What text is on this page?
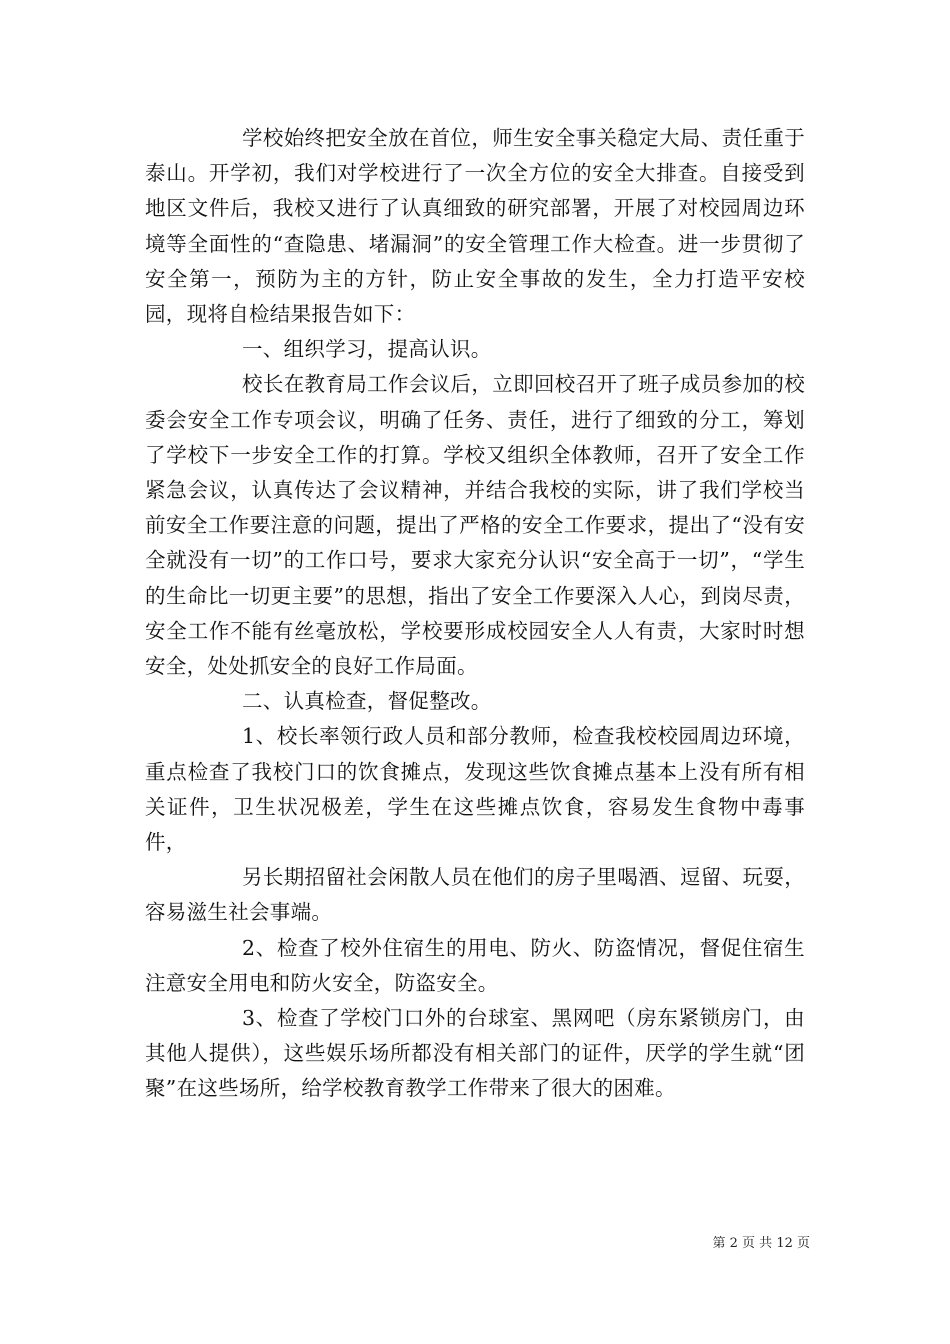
学校始终把安全放在首位，师生安全事关稳定大局、责任重于泰山。开学初，我们对学校进行了一次全方位的安全大排查。自接受到地区文件后，我校又进行了认真细致的研究部署，开展了对校园周边环境等全面性的“查隐患、堵漏洞”的安全管理工作大检查。进一步贯彻了安全第一，预防为主的方针，防止安全事故的发生，全力打造平安校园，现将自检结果报告如下：

一、组织学习，提高认识。

校长在教育局工作会议后，立即回校召开了班子成员参加的校委会安全工作专项会议，明确了任务、责任，进行了细致的分工，筹划了学校下一步安全工作的打算。学校又组织全体教师，召开了安全工作紧急会议，认真传达了会议精神，并结合我校的实际，讲了我们学校当前安全工作要注意的问题，提出了严格的安全工作要求，提出了“没有安全就没有一切”的工作口号，要求大家充分认识“安全高于一切”，“学生的生命比一切更主要”的思想，指出了安全工作要深入人心，到岗尽责，安全工作不能有丝毫放松，学校要形成校园安全人人有责，大家时时想安全，处处抓安全的良好工作局面。

二、认真检查，督促整改。

1、校长率领行政人员和部分教师，检查我校校园周边环境，重点检查了我校门口的饮食摊点，发现这些饮食摊点基本上没有所有相关证件，卫生状况极差，学生在这些摊点饮食，容易发生食物中毒事件，

另长期招留社会闲散人员在他们的房子里喝酒、逗留、玩耍，容易滋生社会事端。

2、检查了校外住宿生的用电、防火、防盗情况，督促住宿生注意安全用电和防火安全，防盗安全。

3、检查了学校门口外的台球室、黑网吧（房东紧锁房门，由其他人提供），这些娱乐场所都没有相关部门的证件，厌学的学生就“团聚”在这些场所，给学校教育教学工作带来了很大的困难。

第 2 页 共 12 页
